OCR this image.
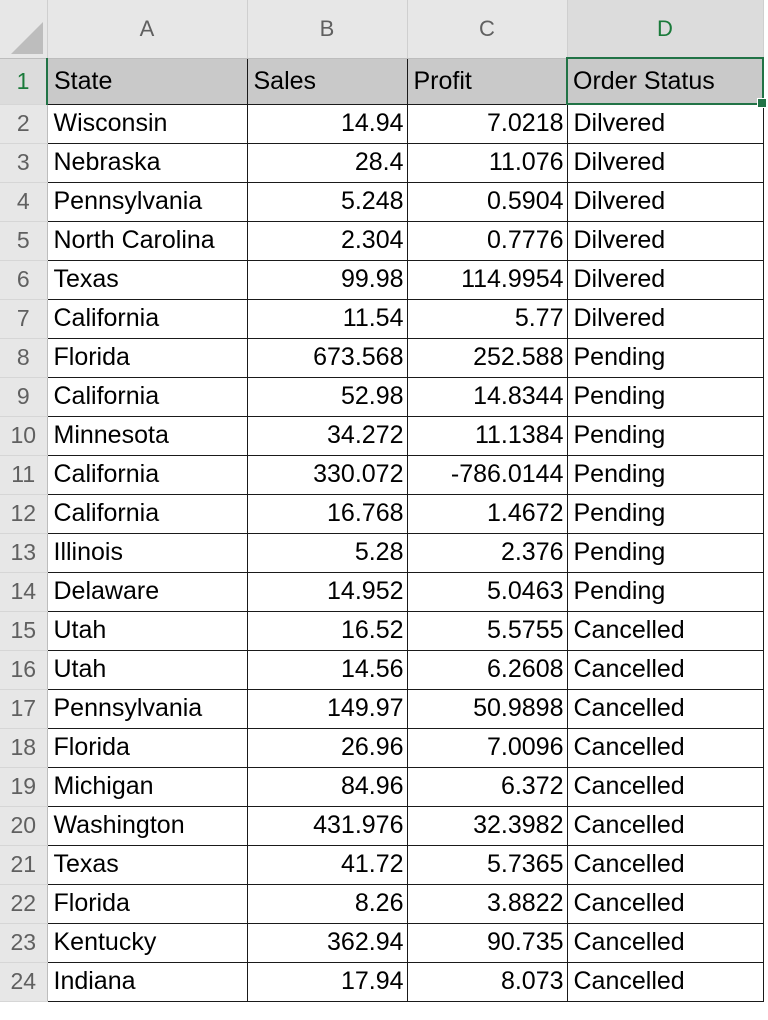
	A	B	C	D
1	State	Sales	Profit	Order Status

2	Wisconsin	14.94	7.0218	Dilvered
3	Nebraska	28.4	11.076	Dilvered
4	Pennsylvania	5.248	0.5904	Dilvered
5	North Carolina	2.304	0.7776	Dilvered
6	Texas	99.98	114.9954	Dilvered
7	California	11.54	5.77	Dilvered
8	Florida	673.568	252.588	Pending
9	California	52.98	14.8344	Pending
10	Minnesota	34.272	11.1384	Pending
11	California	330.072	-786.0144	Pending
12	California	16.768	1.4672	Pending
13	Illinois	5.28	2.376	Pending
14	Delaware	14.952	5.0463	Pending
15	Utah	16.52	5.5755	Cancelled
16	Utah	14.56	6.2608	Cancelled
17	Pennsylvania	149.97	50.9898	Cancelled
18	Florida	26.96	7.0096	Cancelled
19	Michigan	84.96	6.372	Cancelled
20	Washington	431.976	32.3982	Cancelled
21	Texas	41.72	5.7365	Cancelled
22	Florida	8.26	3.8822	Cancelled
23	Kentucky	362.94	90.735	Cancelled
24	Indiana	17.94	8.073	Cancelled
